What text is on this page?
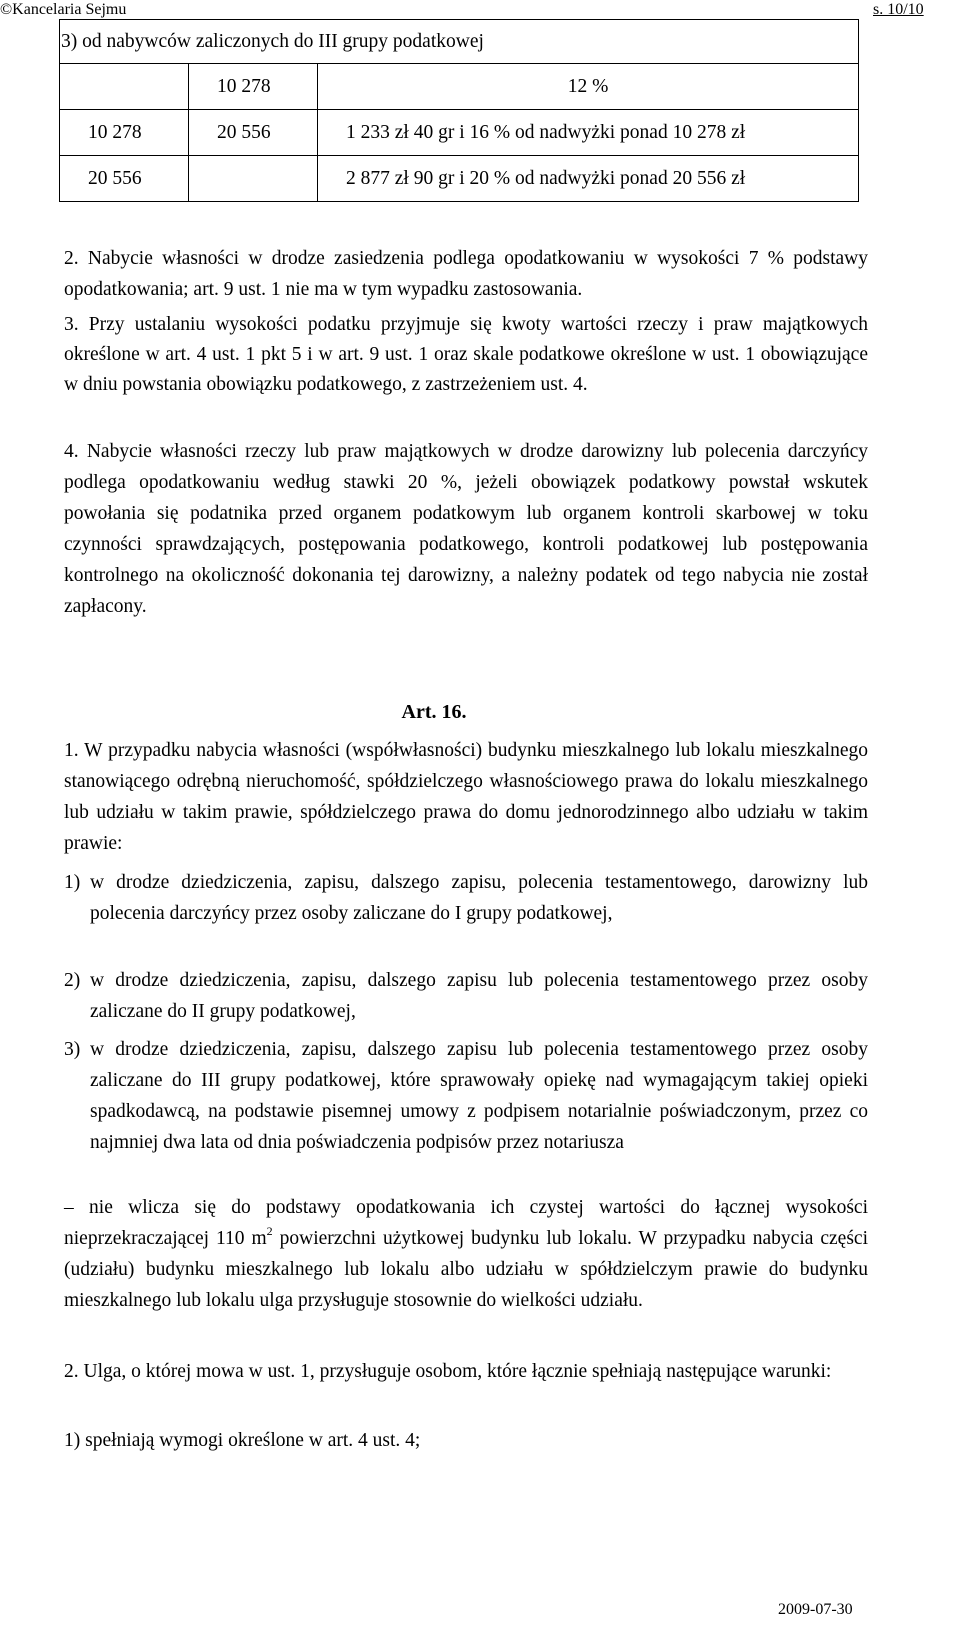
©Kancelaria Sejmu	s. 10/10
3) od nabywców zaliczonych do III grupy podatkowej		
	10 278	12 %
10 278	20 556	1 233 zł 40 gr i 16 % od nadwyżki ponad 10 278 zł
20 556		2 877 zł 90 gr i 20 % od nadwyżki ponad 20 556 zł
2. Nabycie własności w drodze zasiedzenia podlega opodatkowaniu w wysokości 7 % podstawy opodatkowania; art. 9 ust. 1 nie ma w tym wypadku zastosowania.
3. Przy ustalaniu wysokości podatku przyjmuje się kwoty wartości rzeczy i praw majątkowych określone w art. 4 ust. 1 pkt 5 i w art. 9 ust. 1 oraz skale podatkowe określone w ust. 1 obowiązujące w dniu powstania obowiązku podatkowego, z zastrzeżeniem ust. 4.
4. Nabycie własności rzeczy lub praw majątkowych w drodze darowizny lub polecenia darczyńcy podlega opodatkowaniu według stawki 20 %, jeżeli obowiązek podatkowy powstał wskutek powołania się podatnika przed organem podatkowym lub organem kontroli skarbowej w toku czynności sprawdzających, postępowania podatkowego, kontroli podatkowej lub postępowania kontrolnego na okoliczność dokonania tej darowizny, a należny podatek od tego nabycia nie został zapłacony.
Art. 16.
1. W przypadku nabycia własności (współwłasności) budynku mieszkalnego lub lokalu mieszkalnego stanowiącego odrębną nieruchomość, spółdzielczego własnościowego prawa do lokalu mieszkalnego lub udziału w takim prawie, spółdzielczego prawa do domu jednorodzinnego albo udziału w takim prawie:
1) w drodze dziedziczenia, zapisu, dalszego zapisu, polecenia testamentowego, darowizny lub polecenia darczyńcy przez osoby zaliczane do I grupy podatkowej,
2) w drodze dziedziczenia, zapisu, dalszego zapisu lub polecenia testamentowego przez osoby zaliczane do II grupy podatkowej,
3) w drodze dziedziczenia, zapisu, dalszego zapisu lub polecenia testamentowego przez osoby zaliczane do III grupy podatkowej, które sprawowały opiekę nad wymagającym takiej opieki spadkodawcą, na podstawie pisemnej umowy z podpisem notarialnie poświadczonym, przez co najmniej dwa lata od dnia poświadczenia podpisów przez notariusza
– nie wlicza się do podstawy opodatkowania ich czystej wartości do łącznej wysokości nieprzekraczającej 110 $m^2$ powierzchni użytkowej budynku lub lokalu. W przypadku nabycia części (udziału) budynku mieszkalnego lub lokalu albo udziału w spółdzielczym prawie do budynku mieszkalnego lub lokalu ulga przysługuje stosownie do wielkości udziału.
2. Ulga, o której mowa w ust. 1, przysługuje osobom, które łącznie spełniają następujące warunki:
1) spełniają wymogi określone w art. 4 ust. 4;
2009-07-30
